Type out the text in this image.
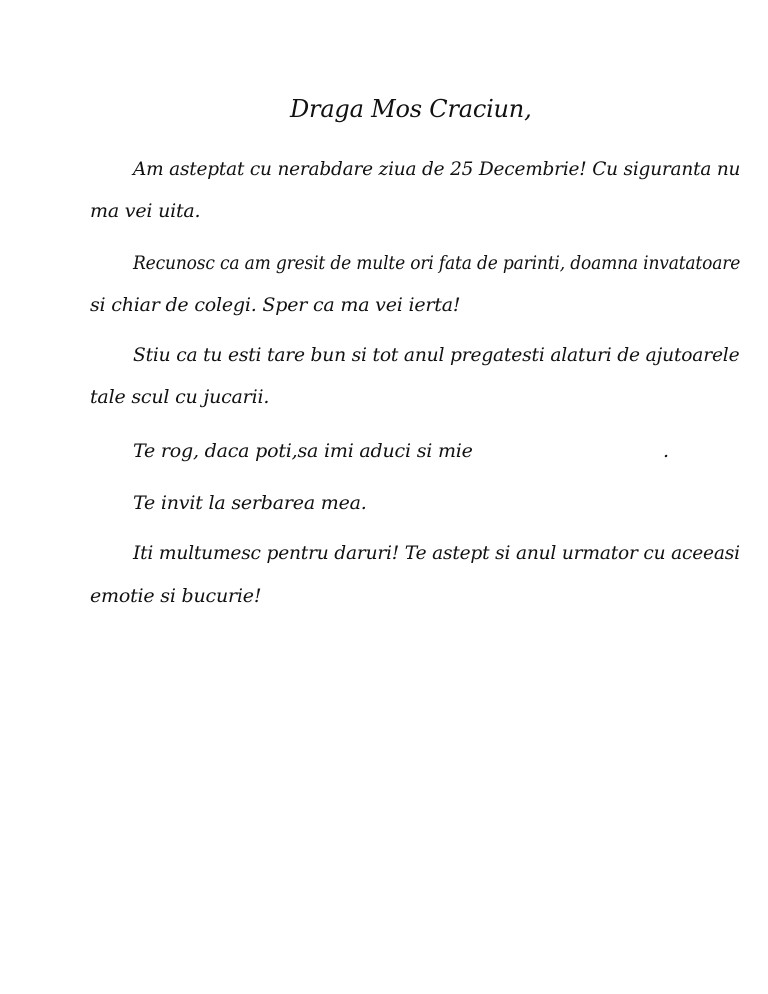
Draga Mos Craciun,

Am asteptat cu nerabdare ziua de 25 Decembrie! Cu siguranta nu

ma vei uita.

Recunosc ca am gresit de multe ori fata de parinti, doamna invatatoare

si chiar de colegi. Sper ca ma vei ierta!

Stiu ca tu esti tare bun si tot anul pregatesti alaturi de ajutoarele

tale scul cu jucarii.

Te rog, daca poti,sa imi aduci si mie	.

Te invit la serbarea mea.

Iti multumesc pentru daruri! Te astept si anul urmator cu aceeasi

emotie si bucurie!
